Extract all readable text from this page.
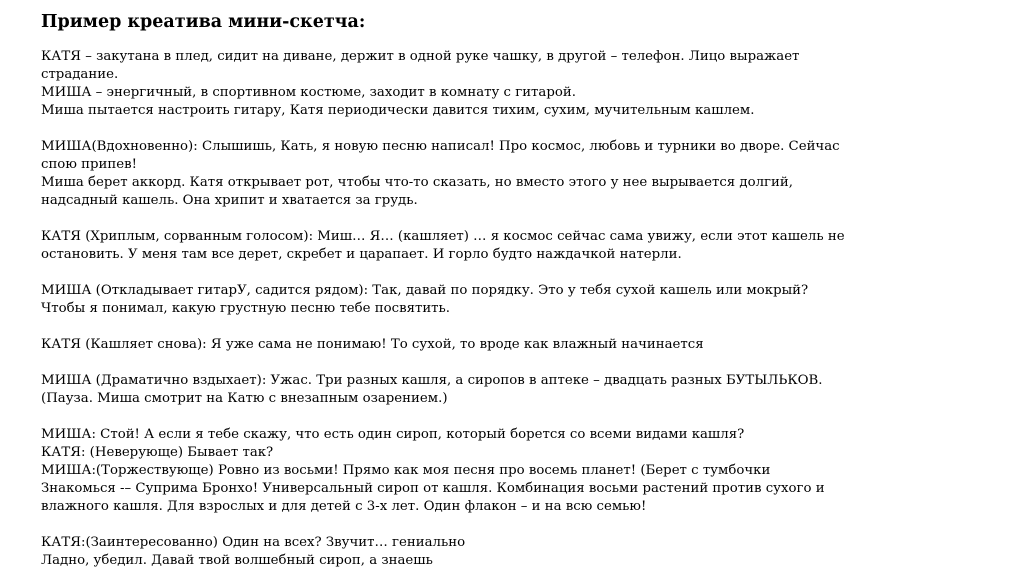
Пример креатива мини-скетча:
КАТЯ – закутана в плед, сидит на диване, держит в одной руке чашку, в другой – телефон. Лицо выражает
страдание.
МИША – энергичный, в спортивном костюме, заходит в комнату с гитарой.
Миша пытается настроить гитару, Катя периодически давится тихим, сухим, мучительным кашлем.
МИША(Вдохновенно): Слышишь, Кать, я новую песню написал! Про космос, любовь и турники во дворе. Сейчас
спою припев!
Миша берет аккорд. Катя открывает рот, чтобы что-то сказать, но вместо этого у нее вырывается долгий,
надсадный кашель. Она хрипит и хватается за грудь.
КАТЯ (Хриплым, сорванным голосом): Миш… Я… (кашляет) … я космос сейчас сама увижу, если этот кашель не
остановить. У меня там все дерет, скребет и царапает. И горло будто наждачкой натерли.
МИША (Откладывает гитарУ, садится рядом): Так, давай по порядку. Это у тебя сухой кашель или мокрый?
Чтобы я понимал, какую грустную песню тебе посвятить.
КАТЯ (Кашляет снова): Я уже сама не понимаю! То сухой, то вроде как влажный начинается
МИША (Драматично вздыхает): Ужас. Три разных кашля, а сиропов в аптеке – двадцать разных БУТЫЛЬКОВ.
(Пауза. Миша смотрит на Катю с внезапным озарением.)
МИША: Стой! А если я тебе скажу, что есть один сироп, который борется со всеми видами кашля?
КАТЯ: (Неверующе) Бывает так?
МИША:(Торжествующе) Ровно из восьми! Прямо как моя песня про восемь планет! (Берет с тумбочки
Знакомься -– Суприма Бронхо! Универсальный сироп от кашля. Комбинация восьми растений против сухого и
влажного кашля. Для взрослых и для детей с 3-х лет. Один флакон – и на всю семью!
КАТЯ:(Заинтересованно) Один на всех? Звучит… гениально
Ладно, убедил. Давай твой волшебный сироп, а знаешь
